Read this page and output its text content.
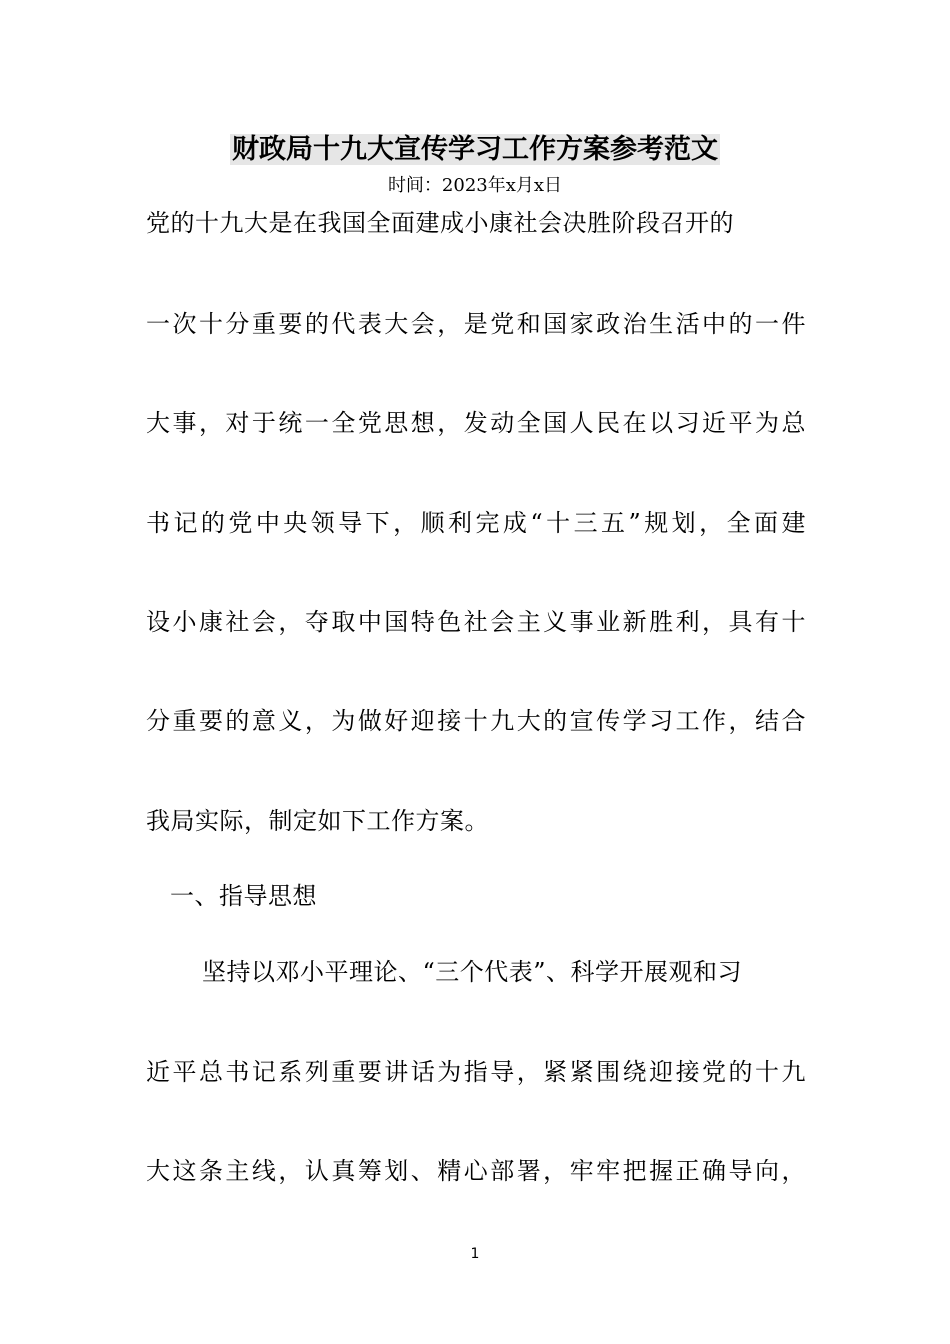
财政局十九大宣传学习工作方案参考范文
时间：2023年x月x日
党的十九大是在我国全面建成小康社会决胜阶段召开的
一次十分重要的代表大会，是党和国家政治生活中的一件
大事，对于统一全党思想，发动全国人民在以习近平为总
书记的党中央领导下，顺利完成“十三五”规划，全面建
设小康社会，夺取中国特色社会主义事业新胜利，具有十
分重要的意义，为做好迎接十九大的宣传学习工作，结合
我局实际，制定如下工作方案。
一、指导思想
坚持以邓小平理论、“三个代表”、科学开展观和习
近平总书记系列重要讲话为指导，紧紧围绕迎接党的十九
大这条主线，认真筹划、精心部署，牢牢把握正确导向，
1
